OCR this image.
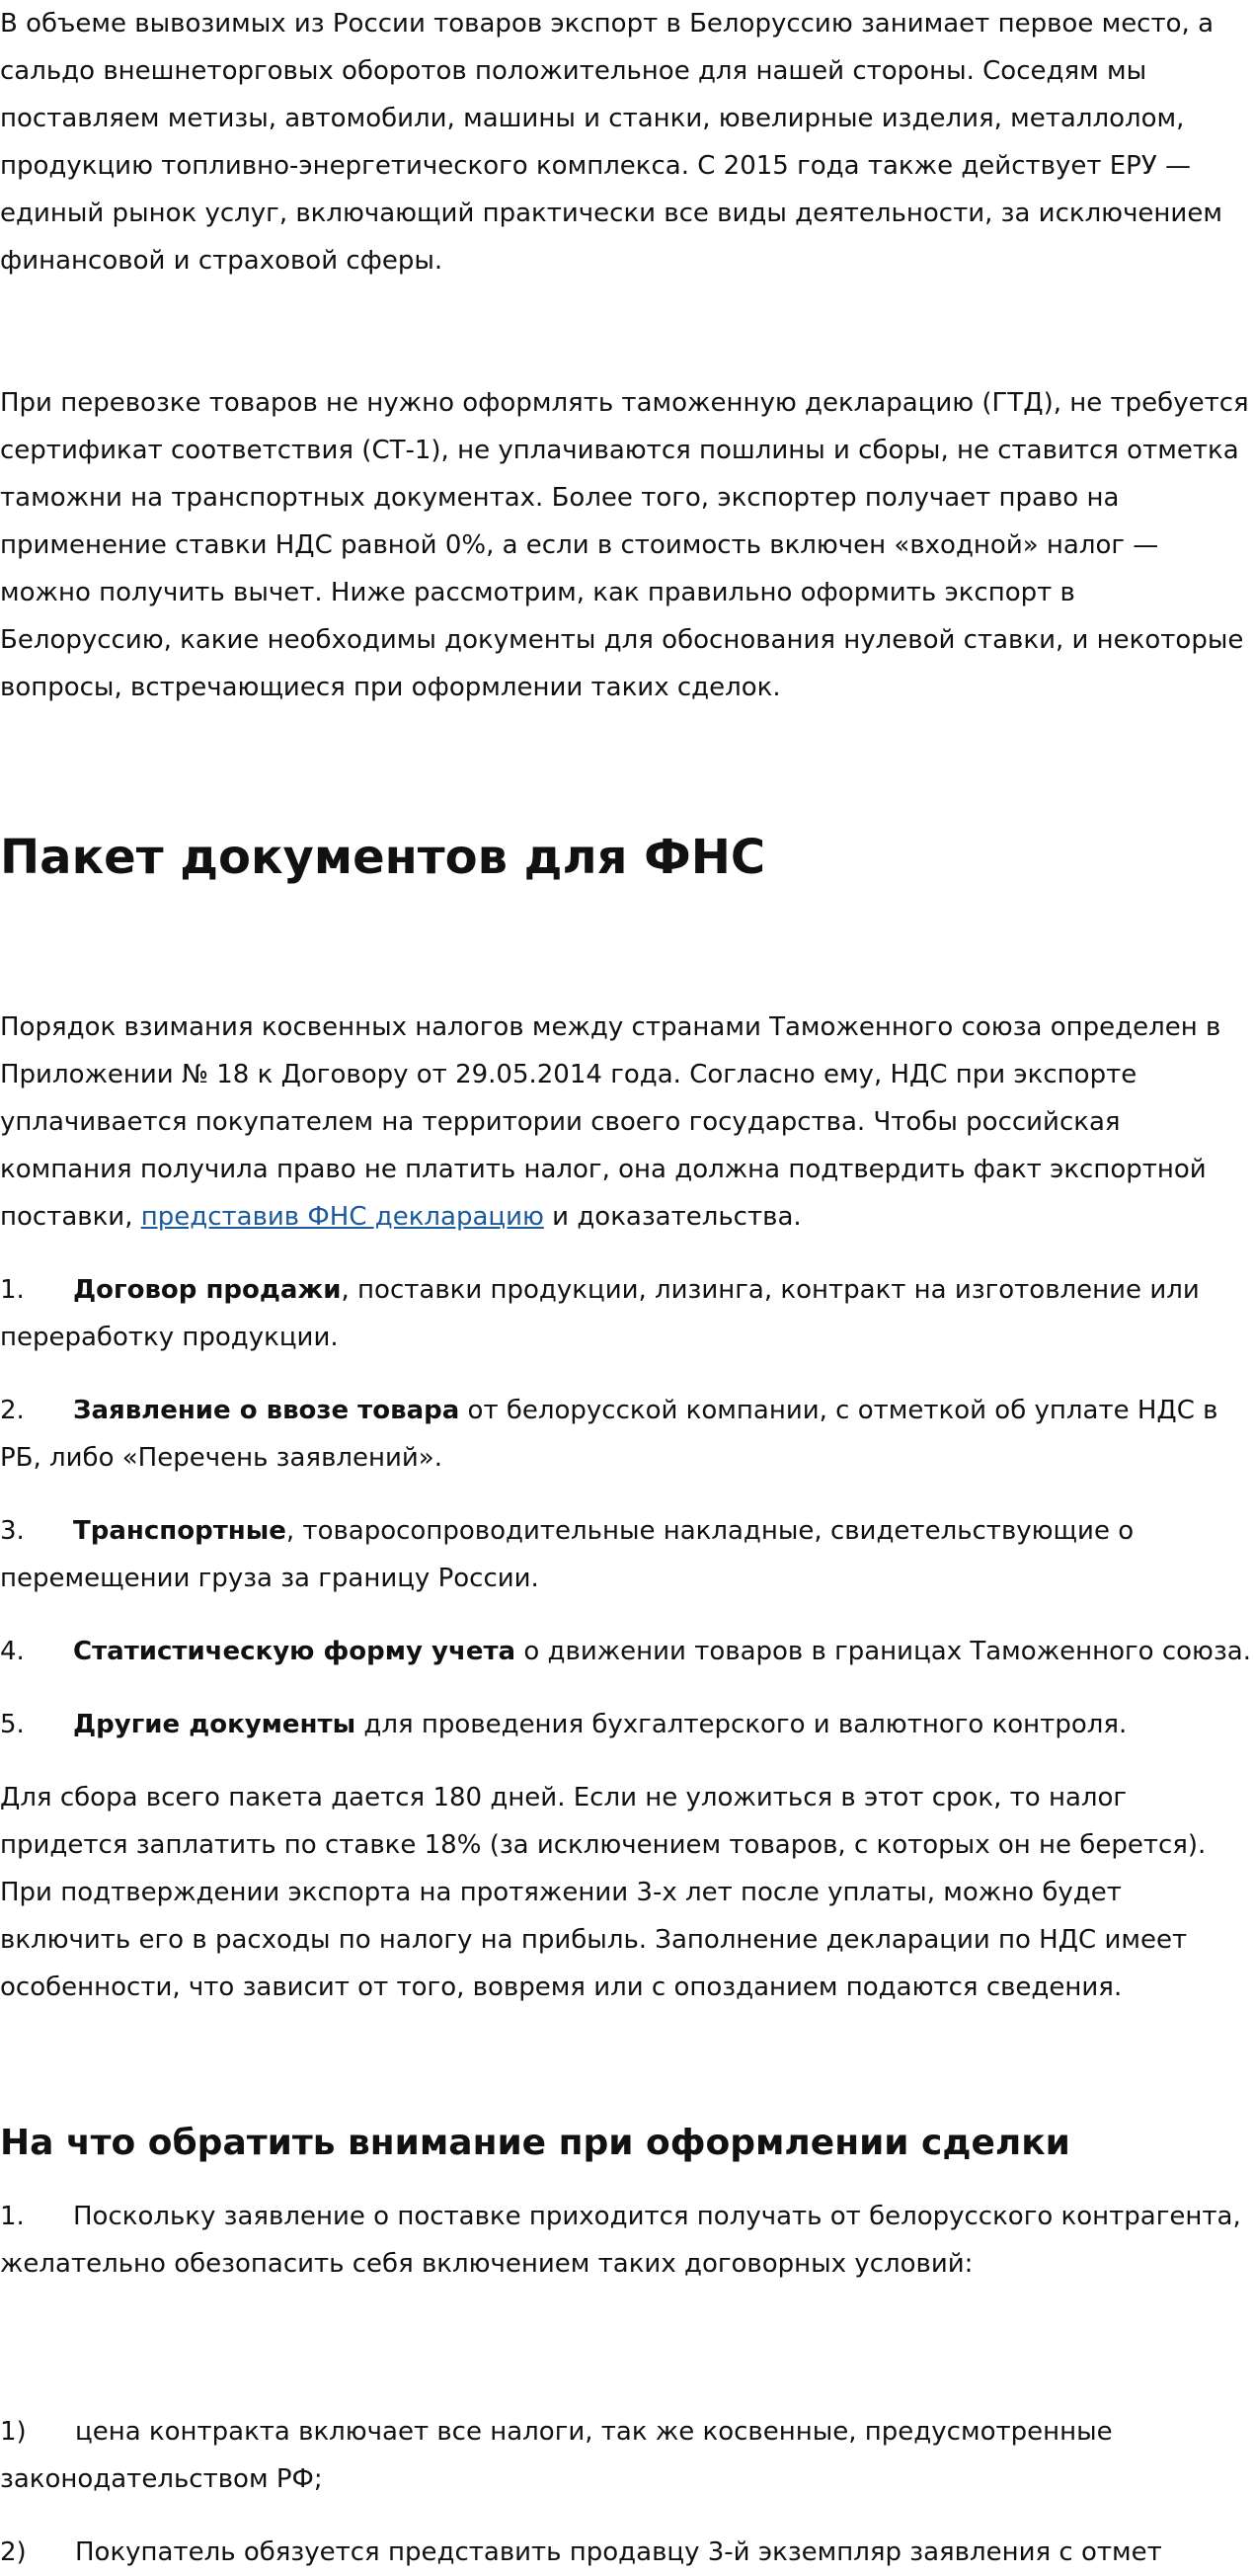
В объеме вывозимых из России товаров экспорт в Белоруссию занимает первое место, а сальдо внешнеторговых оборотов положительное для нашей стороны. Соседям мы поставляем метизы, автомобили, машины и станки, ювелирные изделия, металлолом, продукцию топливно-энергетического комплекса. С 2015 года также действует ЕРУ — единый рынок услуг, включающий практически все виды деятельности, за исключением финансовой и страховой сферы.

При перевозке товаров не нужно оформлять таможенную декларацию (ГТД), не требуется сертификат соответствия (СТ-1), не уплачиваются пошлины и сборы, не ставится отметка таможни на транспортных документах. Более того, экспортер получает право на применение ставки НДС равной 0%, а если в стоимость включен «входной» налог — можно получить вычет. Ниже рассмотрим, как правильно оформить экспорт в Белоруссию, какие необходимы документы для обоснования нулевой ставки, и некоторые вопросы, встречающиеся при оформлении таких сделок.

Пакет документов для ФНС

Порядок взимания косвенных налогов между странами Таможенного союза определен в Приложении № 18 к Договору от 29.05.2014 года. Согласно ему, НДС при экспорте уплачивается покупателем на территории своего государства. Чтобы российская компания получила право не платить налог, она должна подтвердить факт экспортной поставки, представив ФНС декларацию и доказательства.

1. Договор продажи, поставки продукции, лизинга, контракт на изготовление или переработку продукции.

2. Заявление о ввозе товара от белорусской компании, с отметкой об уплате НДС в РБ, либо «Перечень заявлений».

3. Транспортные, товаросопроводительные накладные, свидетельствующие о перемещении груза за границу России.

4. Статистическую форму учета о движении товаров в границах Таможенного союза.

5. Другие документы для проведения бухгалтерского и валютного контроля.

Для сбора всего пакета дается 180 дней. Если не уложиться в этот срок, то налог придется заплатить по ставке 18% (за исключением товаров, с которых он не берется). При подтверждении экспорта на протяжении 3-х лет после уплаты, можно будет включить его в расходы по налогу на прибыль. Заполнение декларации по НДС имеет особенности, что зависит от того, вовремя или с опозданием подаются сведения.

На что обратить внимание при оформлении сделки

1. Поскольку заявление о поставке приходится получать от белорусского контрагента, желательно обезопасить себя включением таких договорных условий:

1) цена контракта включает все налоги, так же косвенные, предусмотренные законодательством РФ;

2) Покупатель обязуется представить продавцу 3-й экземпляр заявления с отмет
